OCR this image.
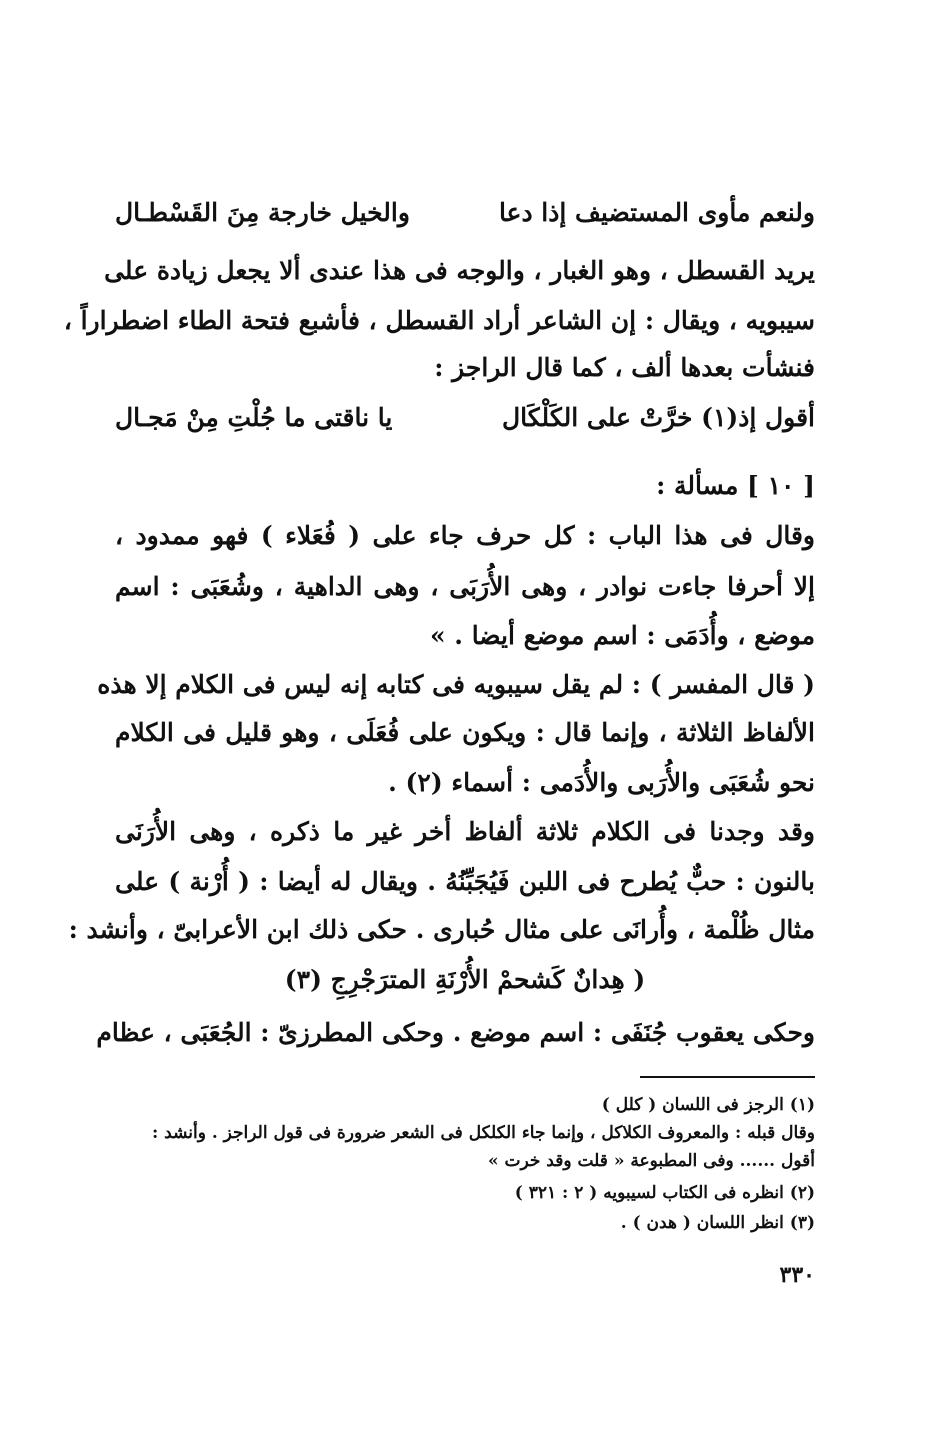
ولنعم مأوى المستضيف إذا دعا
والخيل خارجة مِنَ القَسْطـال
يريد القسطل ، وهو الغبار ، والوجه فى هذا عندى ألا يجعل زيادة على
سيبويه ، ويقال : إن الشاعر أراد القسطل ، فأشبع فتحة الطاء اضطراراً ،
فنشأت بعدها ألف ، كما قال الراجز :
أقول إذ(١) خرَّتْ على الكَلْكَال
يا ناقتى ما جُلْتِ مِنْ مَجـال
[ ١٠ ] مسألة :
وقال فى هذا الباب : كل حرف جاء على ( فُعَلاء ) فهو ممدود ،
إلا أحرفا جاءت نوادر ، وهى الأُرَبَى ، وهى الداهية ، وشُعَبَى : اسم
موضع ، وأُدَمَى : اسم موضع أيضا . »
( قال المفسر ) : لم يقل سيبويه فى كتابه إنه ليس فى الكلام إلا هذه
الألفاظ الثلاثة ، وإنما قال : ويكون على فُعَلَى ، وهو قليل فى الكلام
نحو شُعَبَى والأُرَبى والأُدَمى : أسماء (٢) .
وقد وجدنا فى الكلام ثلاثة ألفاظ أخر غير ما ذكره ، وهى الأُرَنَى
بالنون : حبٌّ يُطرح فى اللبن فَيُجَبِّنُهُ . ويقال له أيضا : ( أُرْنة ) على
مثال ظُلْمة ، وأُرانَى على مثال حُبارى . حكى ذلك ابن الأعرابىّ ، وأنشد :
( هِدانٌ كَشحمْ الأُرْنَةِ المترَجْرِجِ (٣)
وحكى يعقوب جُنَفَى : اسم موضع . وحكى المطرزىّ : الجُعَبَى ، عظام
(١) الرجز فى اللسان ( كلل )
وقال قبله : والمعروف الكلاكل ، وإنما جاء الكلكل فى الشعر ضرورة فى قول الراجز . وأنشد :
أقول ...... وفى المطبوعة « قلت وقد خرت »
(٢) انظره فى الكتاب لسيبويه ( ٢ : ٣٢١ )
(٣) انظر اللسان ( هدن ) .
٣٣٠
